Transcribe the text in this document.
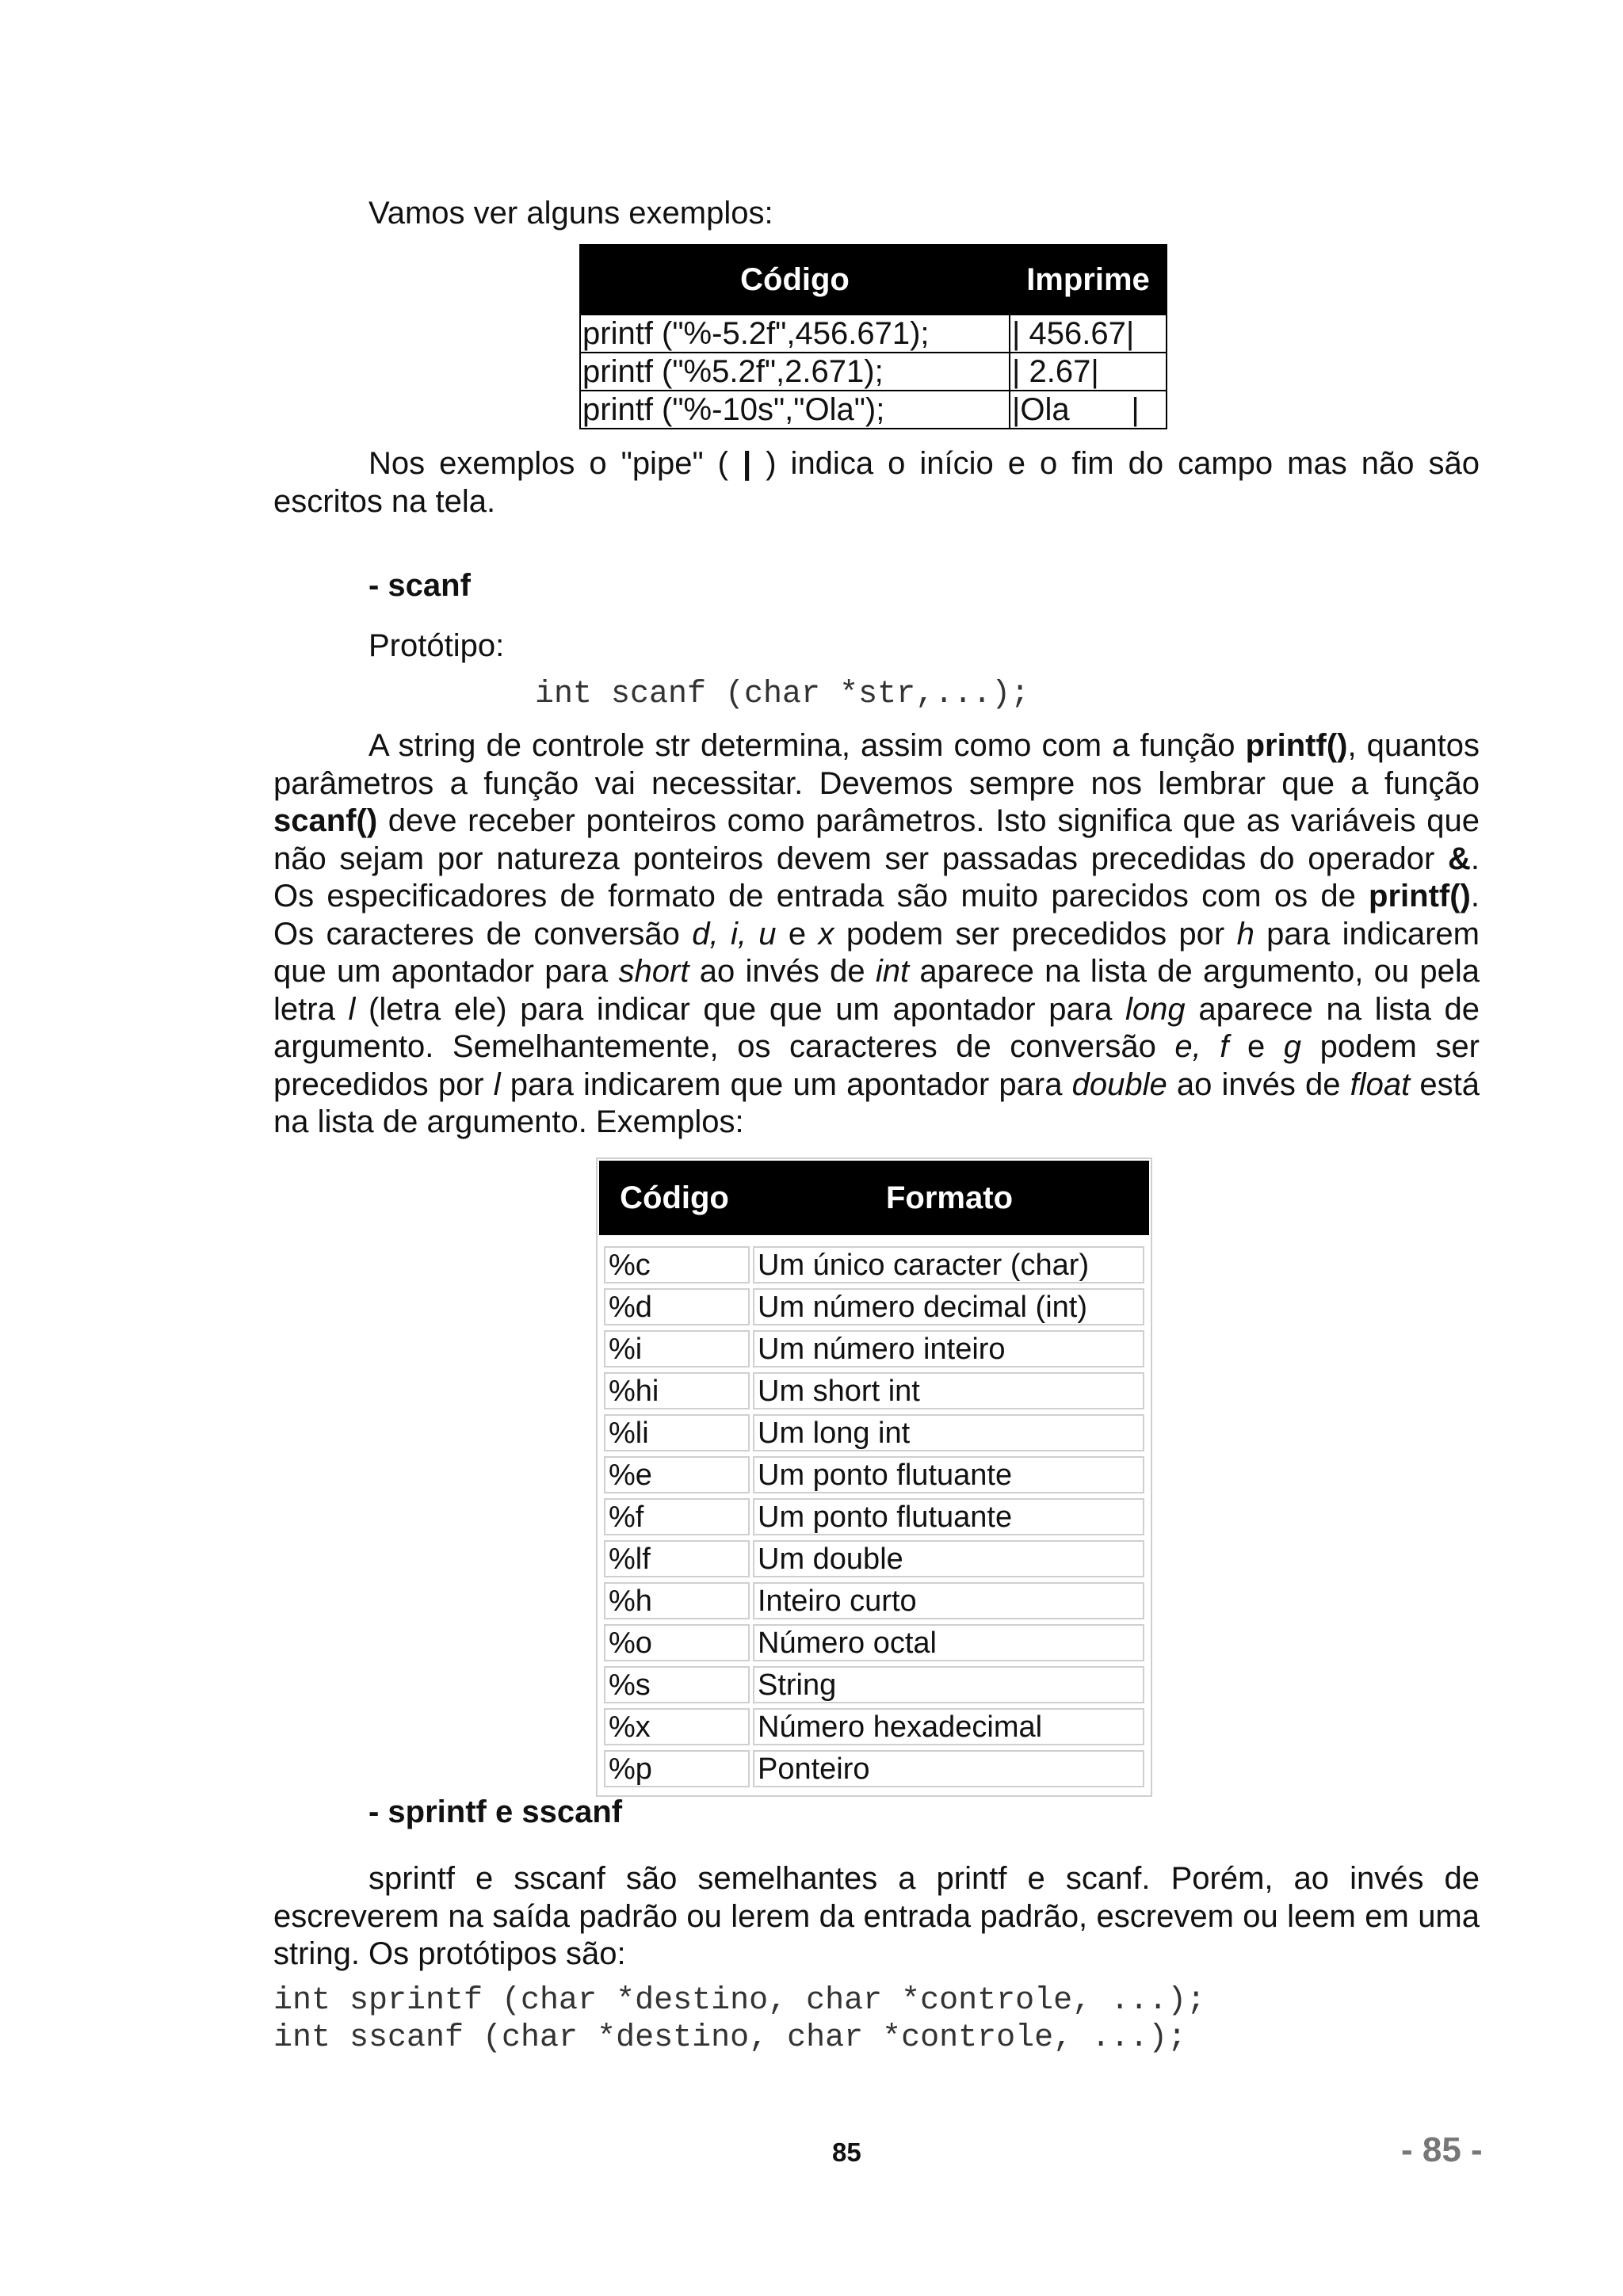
Vamos ver alguns exemplos:

Código	Imprime
printf ("%-5.2f",456.671);	| 456.67|
printf ("%5.2f",2.671);	| 2.67|
printf ("%-10s","Ola");	|Ola       |

Nos exemplos o "pipe" ( | ) indica o início e o fim do campo mas não são escritos na tela.

- scanf

Protótipo:

int scanf (char *str,...);

A string de controle str determina, assim como com a função printf(), quantos parâmetros a função vai necessitar. Devemos sempre nos lembrar que a função scanf() deve receber ponteiros como parâmetros. Isto significa que as variáveis que não sejam por natureza ponteiros devem ser passadas precedidas do operador &. Os especificadores de formato de entrada são muito parecidos com os de printf(). Os caracteres de conversão d, i, u e x podem ser precedidos por h para indicarem que um apontador para short ao invés de int aparece na lista de argumento, ou pela letra l (letra ele) para indicar que que um apontador para long aparece na lista de argumento. Semelhantemente, os caracteres de conversão e, f e g podem ser precedidos por l para indicarem que um apontador para double ao invés de float está na lista de argumento. Exemplos:

Código	Formato
%c	Um único caracter (char)
%d	Um número decimal (int)
%i	Um número inteiro
%hi	Um short int
%li	Um long int
%e	Um ponto flutuante
%f	Um ponto flutuante
%lf	Um double
%h	Inteiro curto
%o	Número octal
%s	String
%x	Número hexadecimal
%p	Ponteiro

- sprintf e sscanf

sprintf e sscanf são semelhantes a printf e scanf. Porém, ao invés de escreverem na saída padrão ou lerem da entrada padrão, escrevem ou leem em uma string. Os protótipos são:

int sprintf (char *destino, char *controle, ...);

int sscanf (char *destino, char *controle, ...);

85	- 85 -
